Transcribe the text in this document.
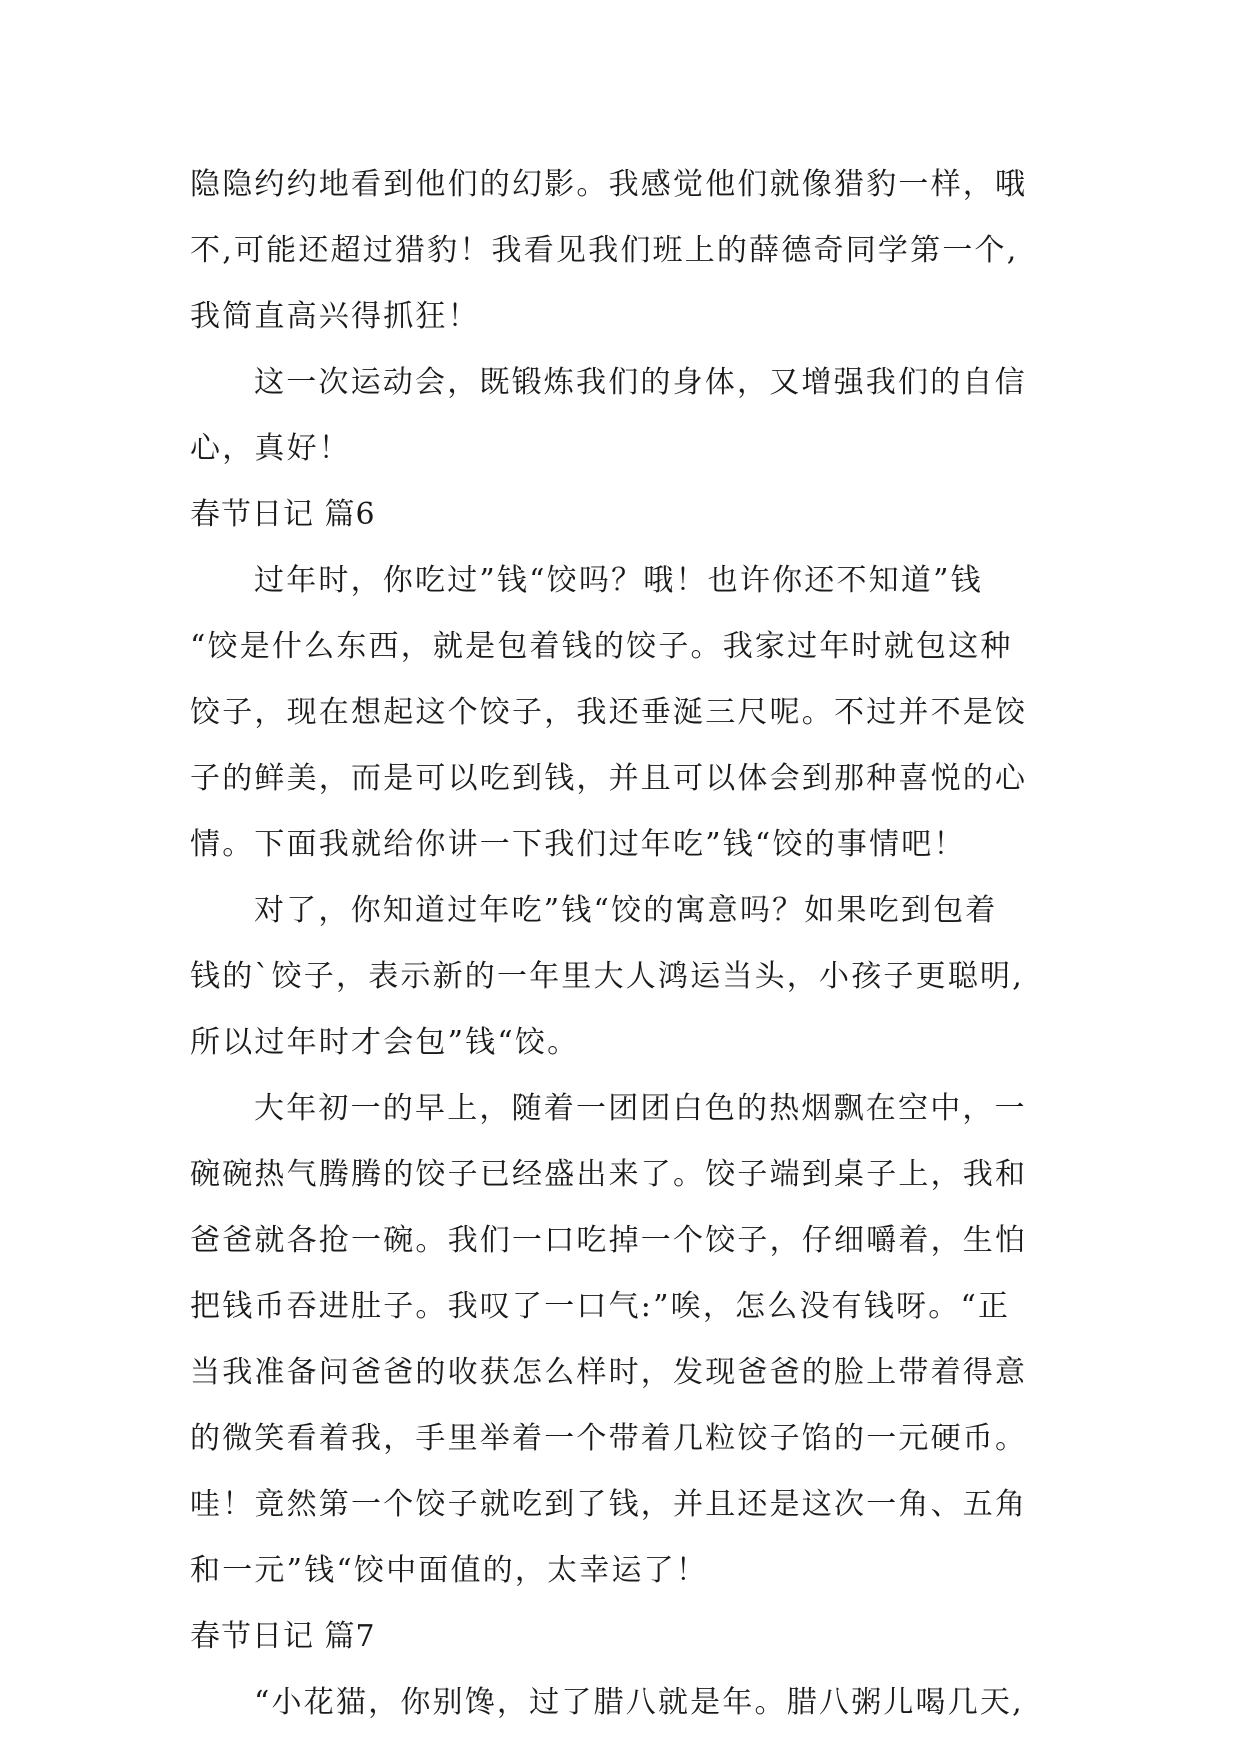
隐隐约约地看到他们的幻影。我感觉他们就像猎豹一样，哦
不,可能还超过猎豹！我看见我们班上的薛德奇同学第一个,
我简直高兴得抓狂！
这一次运动会，既锻炼我们的身体，又增强我们的自信
心，真好！
春节日记 篇6
过年时，你吃过”钱“饺吗？哦！也许你还不知道”钱
“饺是什么东西，就是包着钱的饺子。我家过年时就包这种
饺子，现在想起这个饺子，我还垂涎三尺呢。不过并不是饺
子的鲜美，而是可以吃到钱，并且可以体会到那种喜悦的心
情。下面我就给你讲一下我们过年吃”钱“饺的事情吧！
对了，你知道过年吃”钱“饺的寓意吗？如果吃到包着
钱的`饺子，表示新的一年里大人鸿运当头，小孩子更聪明,
所以过年时才会包”钱“饺。
大年初一的早上，随着一团团白色的热烟飘在空中，一
碗碗热气腾腾的饺子已经盛出来了。饺子端到桌子上，我和
爸爸就各抢一碗。我们一口吃掉一个饺子，仔细嚼着，生怕
把钱币吞进肚子。我叹了一口气:”唉，怎么没有钱呀。“正
当我准备问爸爸的收获怎么样时，发现爸爸的脸上带着得意
的微笑看着我，手里举着一个带着几粒饺子馅的一元硬币。
哇！竟然第一个饺子就吃到了钱，并且还是这次一角、五角
和一元”钱“饺中面值的，太幸运了！
春节日记 篇7
“小花猫，你别馋，过了腊八就是年。腊八粥儿喝几天,
